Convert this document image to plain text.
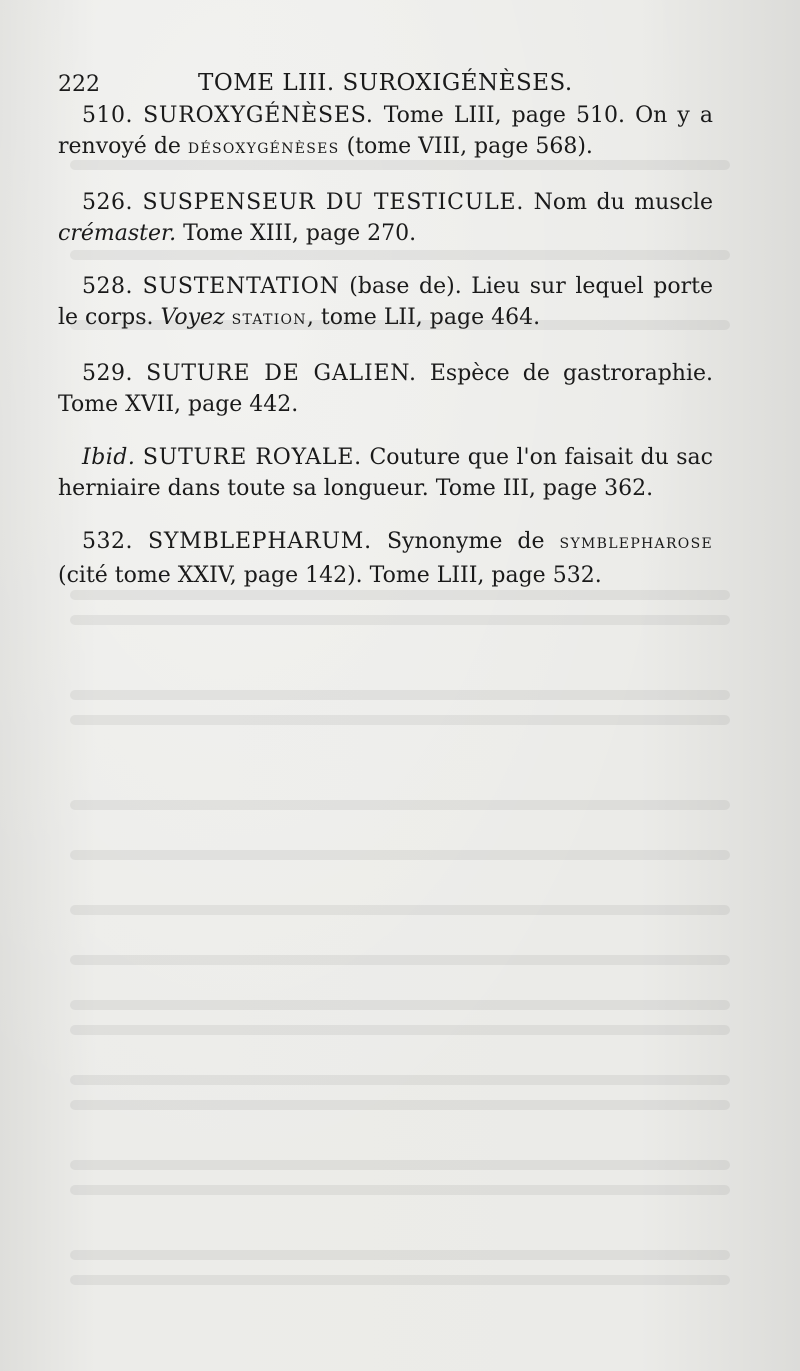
222	TOME LIII. SUROXIGÉNÈSES.

510. SUROXYGÉNÈSES. Tome LIII, page 510. On y a renvoyé de DÉSOXYGÉNÈSES (tome VIII, page 568).

526. SUSPENSEUR DU TESTICULE. Nom du muscle crémaster. Tome XIII, page 270.

528. SUSTENTATION (base de). Lieu sur lequel porte le corps. Voyez STATION, tome LII, page 464.

529. SUTURE DE GALIEN. Espèce de gastroraphie. Tome XVII, page 442.

Ibid. SUTURE ROYALE. Couture que l'on faisait du sac herniaire dans toute sa longueur. Tome III, page 362.

532. SYMBLEPHARUM. Synonyme de SYMBLEPHAROSE (cité tome XXIV, page 142). Tome LIII, page 532.
